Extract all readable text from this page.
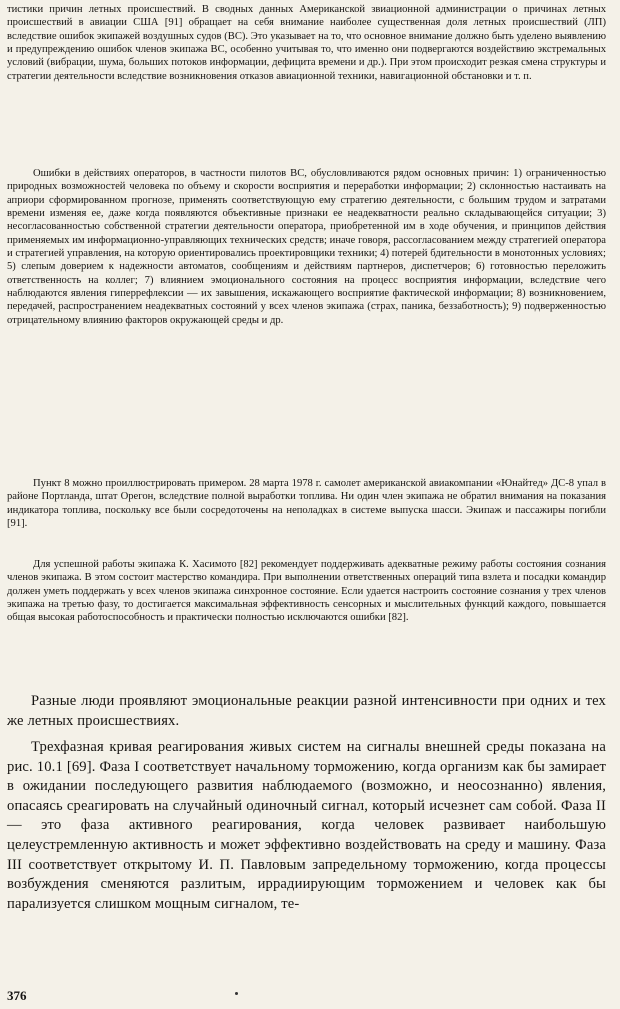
тистики причин летных происшествий. В сводных данных Американской звиационной администрации о причинах летных происшествий в авиации США [91] обращает на себя внимание наиболее существенная доля летных происшествий (ЛП) вследствие ошибок экипажей воздушных судов (ВС). Это указывает на то, что основное внимание должно быть уделено выявлению и предупреждению ошибок членов экипажа ВС, особенно учитывая то, что именно они подвергаются воздействию экстремальных условий (вибрации, шума, больших потоков информации, дефицита времени и др.). При этом происходит резкая смена структуры и стратегии деятельности вследствие возникновения отказов авиационной техники, навигационной обстановки и т. п.

Ошибки в действиях операторов, в частности пилотов ВС, обусловливаются рядом основных причин: 1) ограниченностью природных возможностей человека по объему и скорости восприятия и переработки информации; 2) склонностью настаивать на априори сформированном прогнозе, применять соответствующую ему стратегию деятельности, с большим трудом и затратами времени изменяя ее, даже когда появляются объективные признаки ее неадекватности реально складывающейся ситуации; 3) несогласованностью собственной стратегии деятельности оператора, приобретенной им в ходе обучения, и принципов действия применяемых им информационно-управляющих технических средств; иначе говоря, рассогласованием между стратегией оператора и стратегией управления, на которую ориентировались проектировщики техники; 4) потерей бдительности в монотонных условиях; 5) слепым доверием к надежности автоматов, сообщениям и действиям партнеров, диспетчеров; 6) готовностью переложить ответственность на коллег; 7) влиянием эмоционального состояния на процесс восприятия информации, вследствие чего наблюдаются явления гиперрефлексии — их завышения, искажающего восприятие фактической информации; 8) возникновением, передачей, распространением неадекватных состояний у всех членов экипажа (страх, паника, беззаботность); 9) подверженностью отрицательному влиянию факторов окружающей среды и др.

Пункт 8 можно проиллюстрировать примером. 28 марта 1978 г. самолет американской авиакомпании «Юнайтед» ДС-8 упал в районе Портланда, штат Орегон, вследствие полной выработки топлива. Ни один член экипажа не обратил внимания на показания индикатора топлива, поскольку все были сосредоточены на неполадках в системе выпуска шасси. Экипаж и пассажиры погибли [91].

Для успешной работы экипажа К. Хасимото [82] рекомендует поддерживать адекватные режиму работы состояния сознания членов экипажа. В этом состоит мастерство командира. При выполнении ответственных операций типа взлета и посадки командир должен уметь поддержать у всех членов экипажа синхронное состояние. Если удается настроить состояние сознания у трех членов экипажа на третью фазу, то достигается максимальная эффективность сенсорных и мыслительных функций каждого, повышается общая высокая работоспособность и практически полностью исключаются ошибки [82].

Разные люди проявляют эмоциональные реакции разной интенсивности при одних и тех же летных происшествиях.

Трехфазная кривая реагирования живых систем на сигналы внешней среды показана на рис. 10.1 [69]. Фаза I соответствует начальному торможению, когда организм как бы замирает в ожидании последующего развития наблюдаемого (возможно, и неосознанно) явления, опасаясь среагировать на случайный одиночный сигнал, который исчезнет сам собой. Фаза II — это фаза активного реагирования, когда человек развивает наибольшую целеустремленную активность и может эффективно воздействовать на среду и машину. Фаза III соответствует открытому И. П. Павловым запредельному торможению, когда процессы возбуждения сменяются разлитым, иррадиирующим торможением и человек как бы парализуется слишком мощным сигналом, те-

376
